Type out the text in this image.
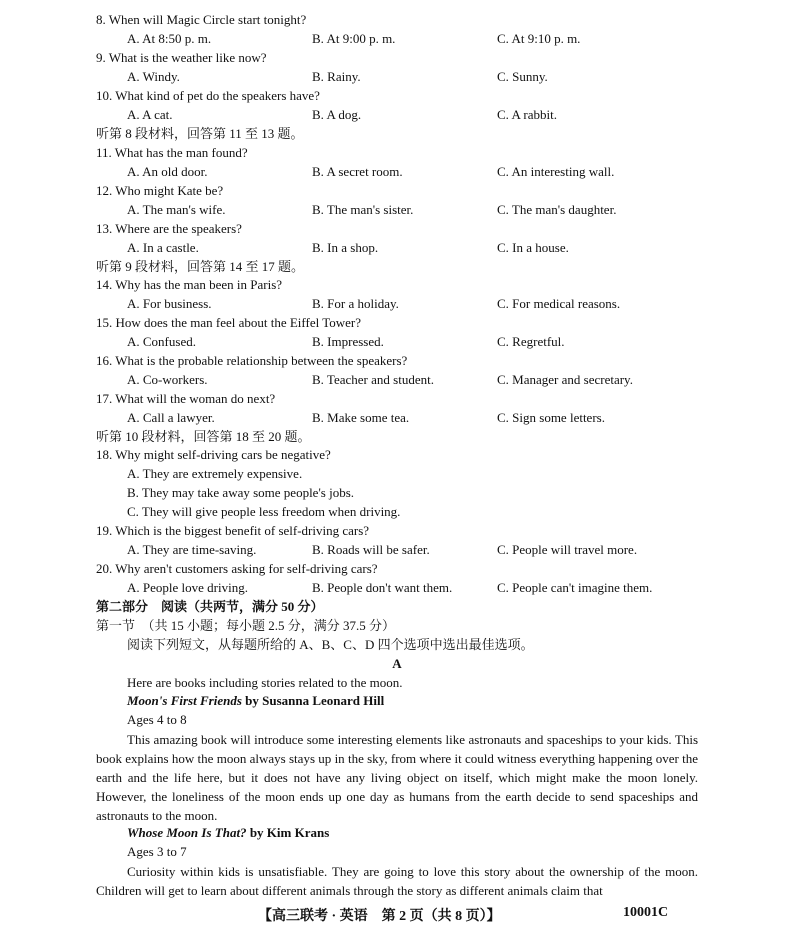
8. When will Magic Circle start tonight?
A. At 8:50 p. m.	B. At 9:00 p. m.	C. At 9:10 p. m.
9. What is the weather like now?
A. Windy.	B. Rainy.	C. Sunny.
10. What kind of pet do the speakers have?
A. A cat.	B. A dog.	C. A rabbit.
听第 8 段材料，回答第 11 至 13 题。
11. What has the man found?
A. An old door.	B. A secret room.	C. An interesting wall.
12. Who might Kate be?
A. The man's wife.	B. The man's sister.	C. The man's daughter.
13. Where are the speakers?
A. In a castle.	B. In a shop.	C. In a house.
听第 9 段材料，回答第 14 至 17 题。
14. Why has the man been in Paris?
A. For business.	B. For a holiday.	C. For medical reasons.
15. How does the man feel about the Eiffel Tower?
A. Confused.	B. Impressed.	C. Regretful.
16. What is the probable relationship between the speakers?
A. Co-workers.	B. Teacher and student.	C. Manager and secretary.
17. What will the woman do next?
A. Call a lawyer.	B. Make some tea.	C. Sign some letters.
听第 10 段材料，回答第 18 至 20 题。
18. Why might self-driving cars be negative?
A. They are extremely expensive.
B. They may take away some people's jobs.
C. They will give people less freedom when driving.
19. Which is the biggest benefit of self-driving cars?
A. They are time-saving.	B. Roads will be safer.	C. People will travel more.
20. Why aren't customers asking for self-driving cars?
A. People love driving.	B. People don't want them.	C. People can't imagine them.
第二部分　阅读（共两节，满分 50 分）
第一节　（共 15 小题；每小题 2.5 分，满分 37.5 分）
阅读下列短文，从每题所给的 A、B、C、D 四个选项中选出最佳选项。
A
Here are books including stories related to the moon.
Moon's First Friends by Susanna Leonard Hill
Ages 4 to 8
This amazing book will introduce some interesting elements like astronauts and spaceships to your kids. This book explains how the moon always stays up in the sky, from where it could witness everything happening over the earth and the life here, but it does not have any living object on itself, which might make the moon lonely. However, the loneliness of the moon ends up one day as humans from the earth decide to send spaceships and astronauts to the moon.
Whose Moon Is That? by Kim Krans
Ages 3 to 7
Curiosity within kids is unsatisfiable. They are going to love this story about the ownership of the moon. Children will get to learn about different animals through the story as different animals claim that
【高三联考 · 英语　第 2 页（共 8 页）】	10001C
